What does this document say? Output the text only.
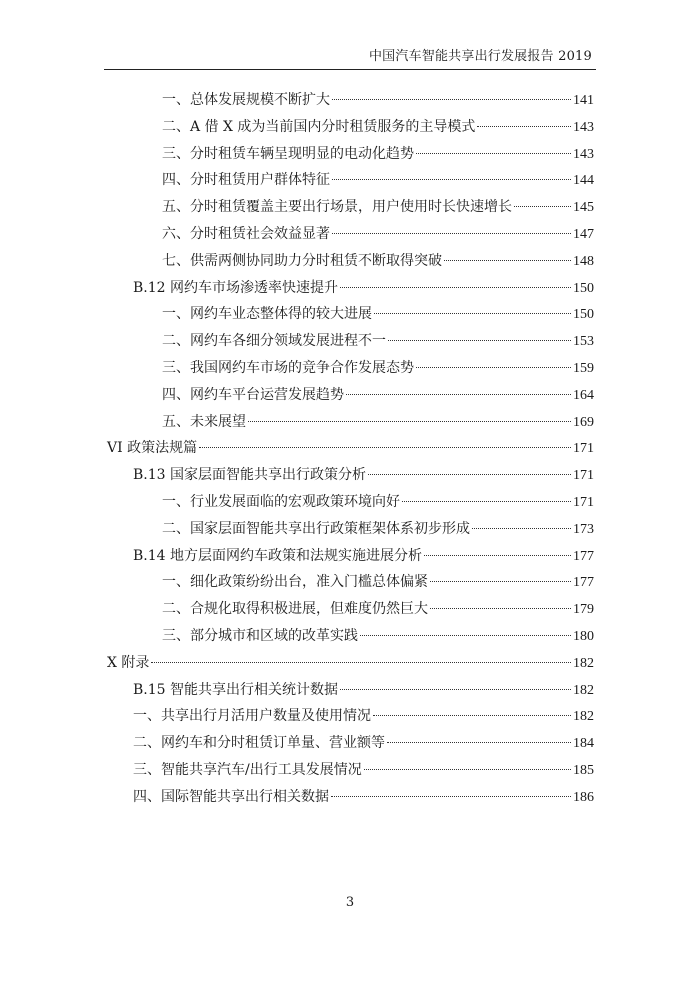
中国汽车智能共享出行发展报告 2019
一、总体发展规模不断扩大	141
二、A 借 X 成为当前国内分时租赁服务的主导模式	143
三、分时租赁车辆呈现明显的电动化趋势	143
四、分时租赁用户群体特征	144
五、分时租赁覆盖主要出行场景，用户使用时长快速增长	145
六、分时租赁社会效益显著	147
七、供需两侧协同助力分时租赁不断取得突破	148
B.12 网约车市场渗透率快速提升	150
一、网约车业态整体得的较大进展	150
二、网约车各细分领域发展进程不一	153
三、我国网约车市场的竞争合作发展态势	159
四、网约车平台运营发展趋势	164
五、未来展望	169
VI 政策法规篇	171
B.13 国家层面智能共享出行政策分析	171
一、行业发展面临的宏观政策环境向好	171
二、国家层面智能共享出行政策框架体系初步形成	173
B.14 地方层面网约车政策和法规实施进展分析	177
一、细化政策纷纷出台，准入门槛总体偏紧	177
二、合规化取得积极进展，但难度仍然巨大	179
三、部分城市和区域的改革实践	180
X 附录	182
B.15 智能共享出行相关统计数据	182
一、共享出行月活用户数量及使用情况	182
二、网约车和分时租赁订单量、营业额等	184
三、智能共享汽车/出行工具发展情况	185
四、国际智能共享出行相关数据	186
3
